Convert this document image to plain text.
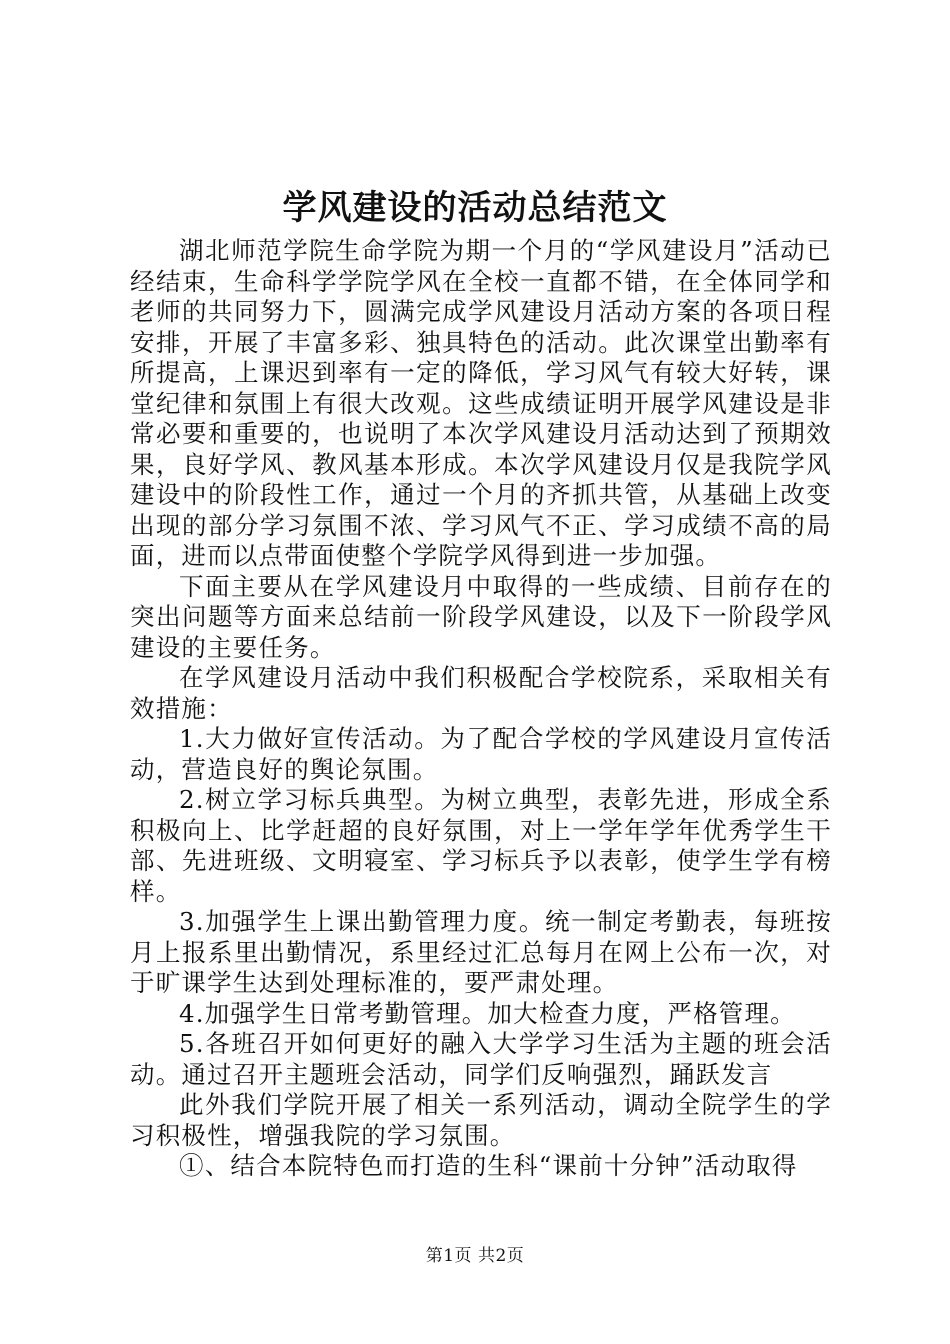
学风建设的活动总结范文

湖北师范学院生命学院为期一个月的“学风建设月”活动已经结束，生命科学学院学风在全校一直都不错，在全体同学和老师的共同努力下，圆满完成学风建设月活动方案的各项日程安排，开展了丰富多彩、独具特色的活动。此次课堂出勤率有所提高，上课迟到率有一定的降低，学习风气有较大好转，课堂纪律和氛围上有很大改观。这些成绩证明开展学风建设是非常必要和重要的，也说明了本次学风建设月活动达到了预期效果，良好学风、教风基本形成。本次学风建设月仅是我院学风建设中的阶段性工作，通过一个月的齐抓共管，从基础上改变出现的部分学习氛围不浓、学习风气不正、学习成绩不高的局面，进而以点带面使整个学院学风得到进一步加强。

下面主要从在学风建设月中取得的一些成绩、目前存在的突出问题等方面来总结前一阶段学风建设，以及下一阶段学风建设的主要任务。

在学风建设月活动中我们积极配合学校院系，采取相关有效措施：

1.大力做好宣传活动。为了配合学校的学风建设月宣传活动，营造良好的舆论氛围。

2.树立学习标兵典型。为树立典型，表彰先进，形成全系积极向上、比学赶超的良好氛围，对上一学年学年优秀学生干部、先进班级、文明寝室、学习标兵予以表彰，使学生学有榜样。

3.加强学生上课出勤管理力度。统一制定考勤表，每班按月上报系里出勤情况，系里经过汇总每月在网上公布一次，对于旷课学生达到处理标准的，要严肃处理。

4.加强学生日常考勤管理。加大检查力度，严格管理。

5.各班召开如何更好的融入大学学习生活为主题的班会活动。通过召开主题班会活动，同学们反响强烈，踊跃发言

此外我们学院开展了相关一系列活动，调动全院学生的学习积极性，增强我院的学习氛围。

①、结合本院特色而打造的生科“课前十分钟”活动取得

第1页 共2页
